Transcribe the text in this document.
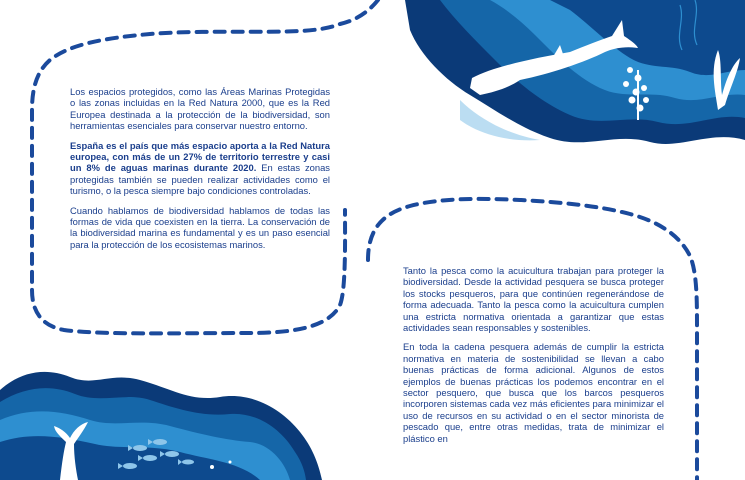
Los espacios protegidos, como las Áreas Marinas Protegidas o las zonas incluidas en la Red Natura 2000, que es la Red Europea destinada a la protección de la biodiversidad, son herramientas esenciales para conservar nuestro entorno.

España es el país que más espacio aporta a la Red Natura europea, con más de un 27% de territorio terrestre y casi un 8% de aguas marinas durante 2020. En estas zonas protegidas también se pueden realizar actividades como el turismo, o la pesca siempre bajo condiciones controladas.

Cuando hablamos de biodiversidad hablamos de todas las formas de vida que coexisten en la tierra. La conservación de la biodiversidad marina es fundamental y es un paso esencial para la protección de los ecosistemas marinos.

Tanto la pesca como la acuicultura trabajan para proteger la biodiversidad. Desde la actividad pesquera se busca proteger los stocks pesqueros, para que continúen regenerándose de forma adecuada. Tanto la pesca como la acuicultura cumplen una estricta normativa orientada a garantizar que estas actividades sean responsables y sostenibles.

En toda la cadena pesquera además de cumplir la estricta normativa en materia de sostenibilidad se llevan a cabo buenas prácticas de forma adicional. Algunos de estos ejemplos de buenas prácticas los podemos encontrar en el sector pesquero, que busca que los barcos pesqueros incorporen sistemas cada vez más eficientes para minimizar el uso de recursos en su actividad o en el sector minorista de pescado que, entre otras medidas, trata de minimizar el plástico en
